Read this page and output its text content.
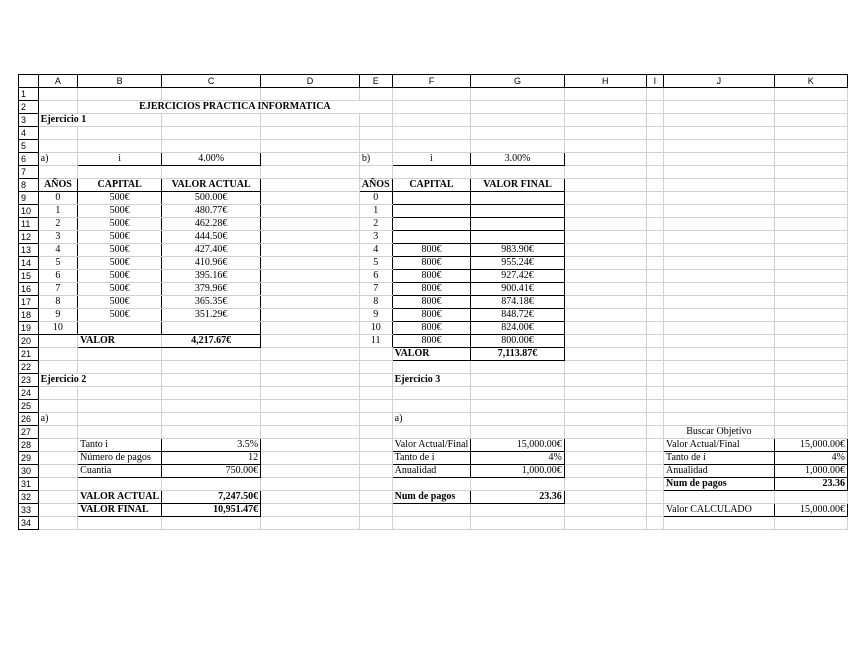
	A	B	C	D	E	F	G	H	I	J	K
1											
2		EJERCICIOS PRACTICA INFORMATICA									
3	Ejercicio 1										
4											
5											
6	a)	i	4.00%		b)	i	3.00%				
7											
8	AÑOS	CAPITAL	VALOR ACTUAL		AÑOS	CAPITAL	VALOR FINAL				
9	0	500€	500.00€		0						
10	1	500€	480.77€		1						
11	2	500€	462.28€		2						
12	3	500€	444.50€		3						
13	4	500€	427.40€		4	800€	983.90€				
14	5	500€	410.96€		5	800€	955.24€				
15	6	500€	395.16€		6	800€	927.42€				
16	7	500€	379.96€		7	800€	900.41€				
17	8	500€	365.35€		8	800€	874.18€				
18	9	500€	351.29€		9	800€	848.72€				
19	10				10	800€	824.00€				
20		VALOR	4,217.67€		11	800€	800.00€				
21						VALOR	7,113.87€				
22											
23	Ejercicio 2					Ejercicio 3					
24											
25											
26	a)					a)					
27										Buscar Objetivo	
28		Tanto i	3.5%			Valor Actual/Final	15,000.00€			Valor Actual/Final	15,000.00€
29		Número de pagos	12			Tanto de i	4%			Tanto de i	4%
30		Cuantia	750.00€			Anualidad	1,000.00€			Anualidad	1,000.00€
31										Num de pagos	23.36
32		VALOR ACTUAL	7,247.50€			Num de pagos	23.36				
33		VALOR FINAL	10,951.47€							Valor CALCULADO	15,000.00€
34											
